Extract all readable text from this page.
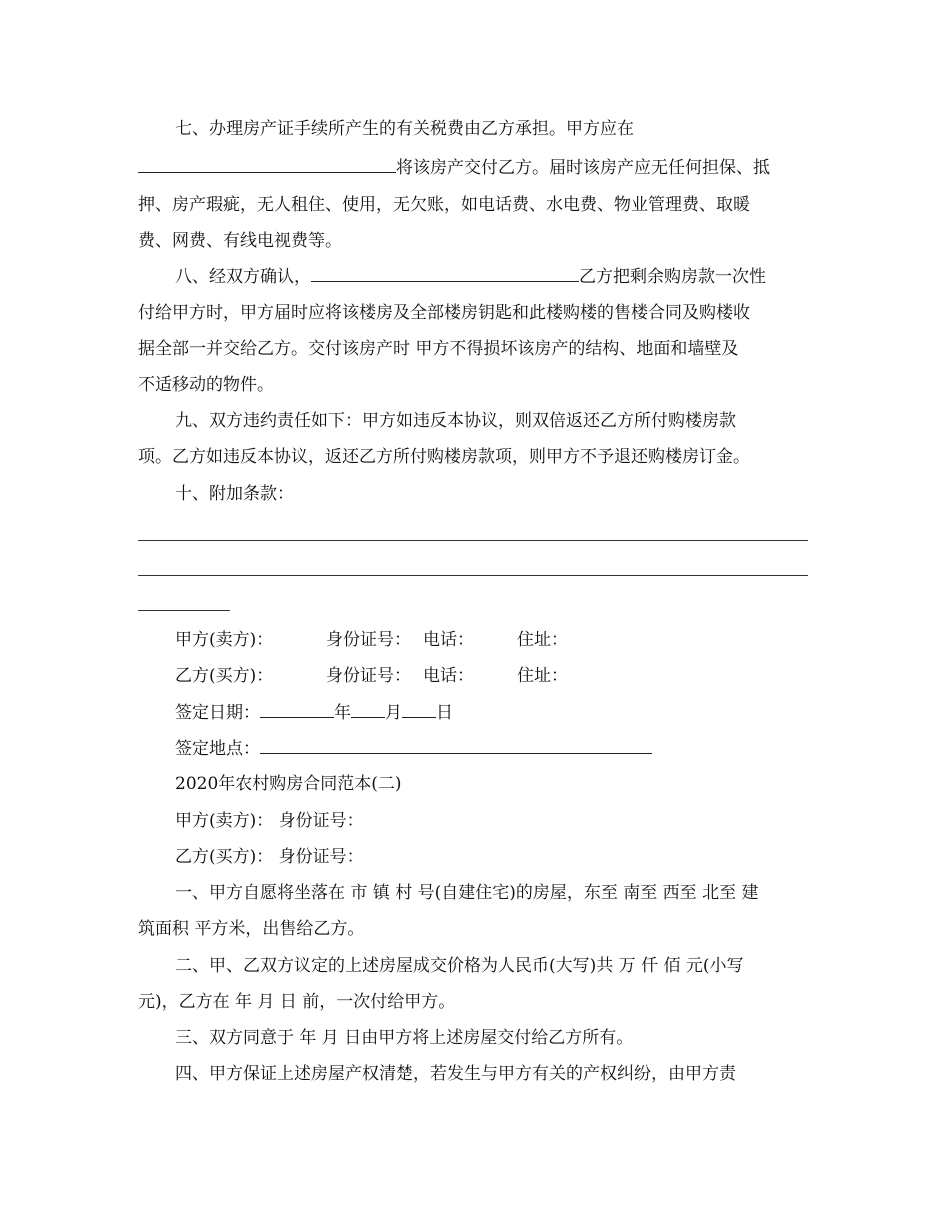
七、办理房产证手续所产生的有关税费由乙方承担。甲方应在
将该房产交付乙方。届时该房产应无任何担保、抵
押、房产瑕疵，无人租住、使用，无欠账，如电话费、水电费、物业管理费、取暖
费、网费、有线电视费等。
八、经双方确认，	乙方把剩余购房款一次性
付给甲方时，甲方届时应将该楼房及全部楼房钥匙和此楼购楼的售楼合同及购楼收
据全部一并交给乙方。交付该房产时 甲方不得损坏该房产的结构、地面和墙壁及
不适移动的物件。
九、双方违约责任如下：甲方如违反本协议，则双倍返还乙方所付购楼房款
项。乙方如违反本协议，返还乙方所付购楼房款项，则甲方不予退还购楼房订金。
十、附加条款：
甲方(卖方)：	身份证号： 电话：	住址：
乙方(买方)：	身份证号： 电话：	住址：
签定日期：	年 月 日
签定地点：
2020年农村购房合同范本(二)
甲方(卖方)： 身份证号：
乙方(买方)： 身份证号：
一、甲方自愿将坐落在 市 镇 村 号(自建住宅)的房屋，东至 南至 西至 北至 建
筑面积 平方米，出售给乙方。
二、甲、乙双方议定的上述房屋成交价格为人民币(大写)共 万 仟 佰 元(小写
元)，乙方在 年 月 日 前，一次付给甲方。
三、双方同意于 年 月 日由甲方将上述房屋交付给乙方所有。
四、甲方保证上述房屋产权清楚，若发生与甲方有关的产权纠纷，由甲方责
